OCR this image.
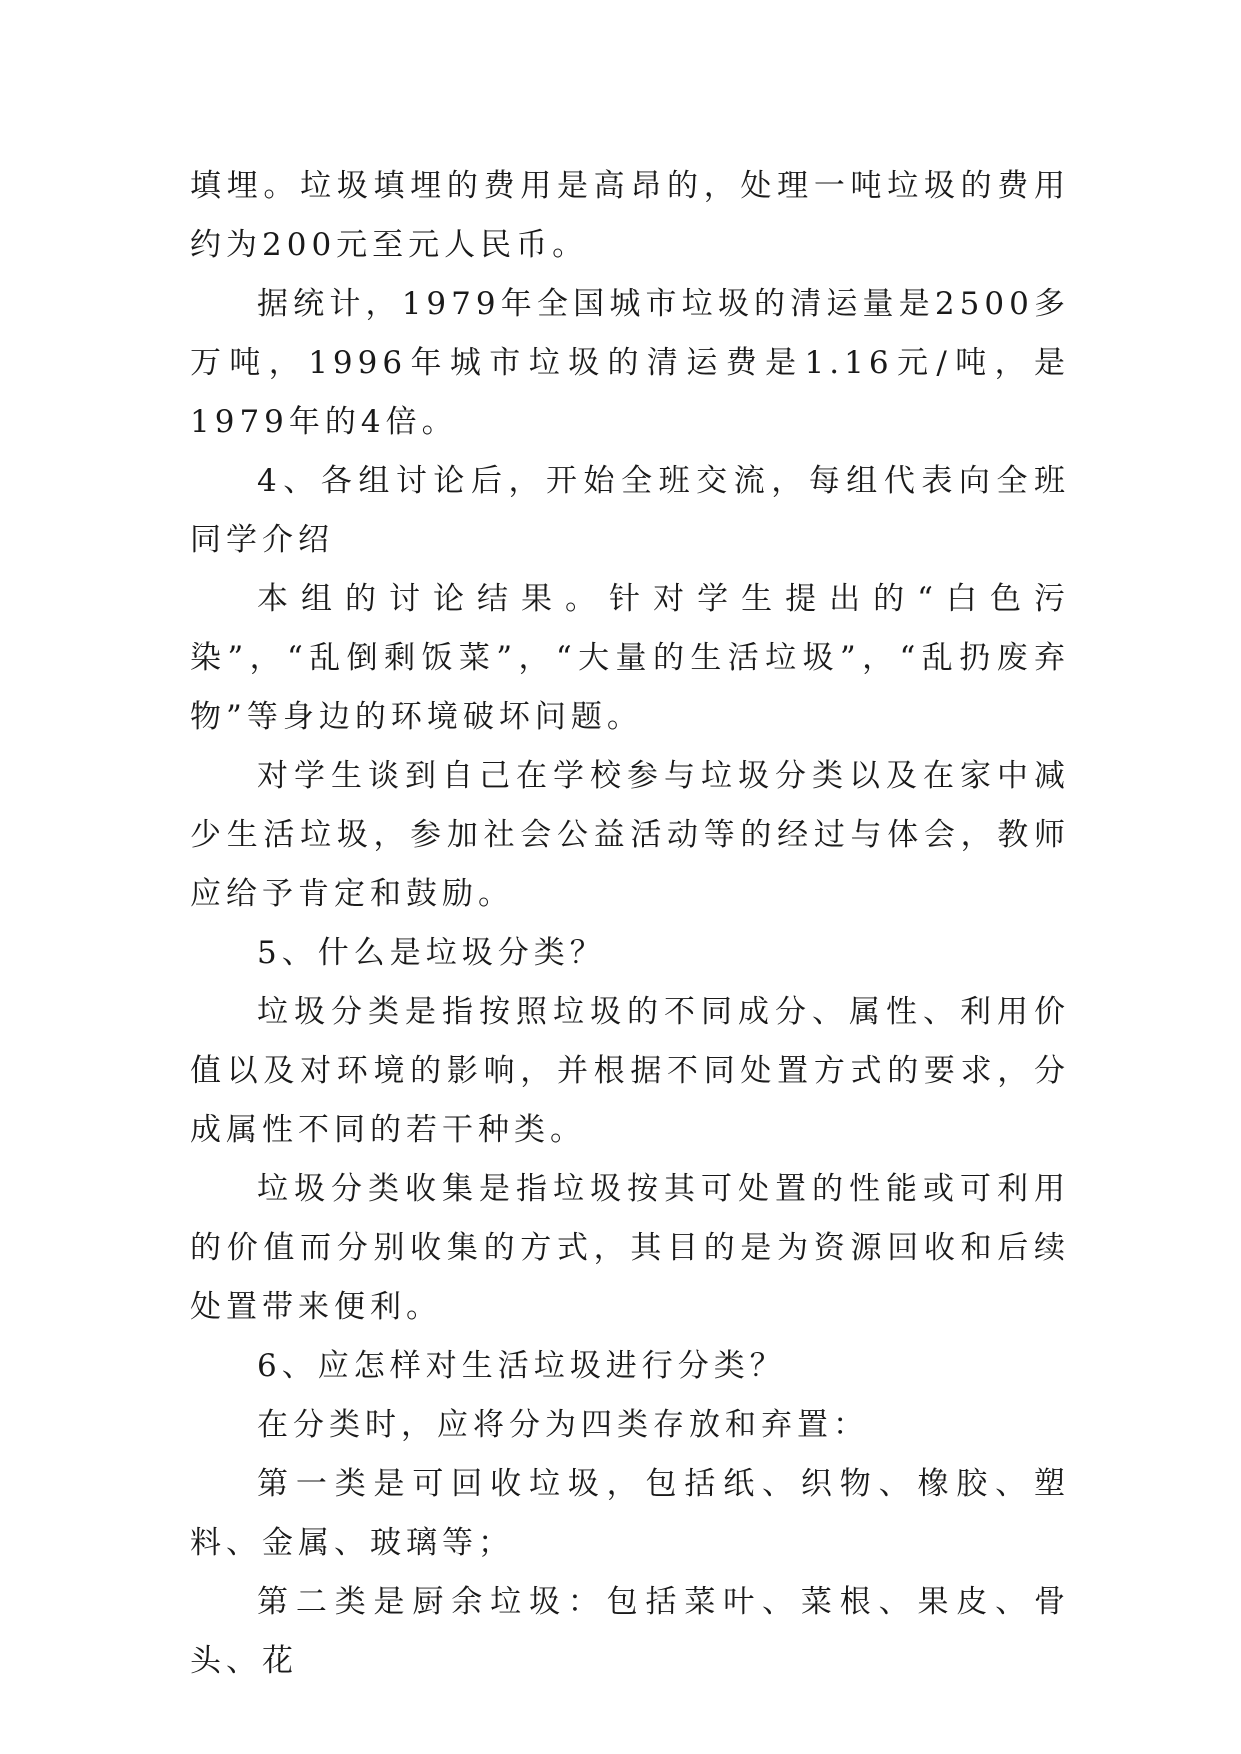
填埋。垃圾填埋的费用是高昂的，处理一吨垃圾的费用约为200元至元人民币。

据统计，1979年全国城市垃圾的清运量是2500多万吨，1996年城市垃圾的清运费是1.16元/吨，是1979年的4倍。

4、各组讨论后，开始全班交流，每组代表向全班同学介绍

本组的讨论结果。针对学生提出的“白色污染”，“乱倒剩饭菜”，“大量的生活垃圾”，“乱扔废弃物”等身边的环境破坏问题。

对学生谈到自己在学校参与垃圾分类以及在家中减少生活垃圾，参加社会公益活动等的经过与体会，教师应给予肯定和鼓励。

5、什么是垃圾分类？

垃圾分类是指按照垃圾的不同成分、属性、利用价值以及对环境的影响，并根据不同处置方式的要求，分成属性不同的若干种类。

垃圾分类收集是指垃圾按其可处置的性能或可利用的价值而分别收集的方式，其目的是为资源回收和后续处置带来便利。

6、应怎样对生活垃圾进行分类？

在分类时，应将分为四类存放和弃置：

第一类是可回收垃圾，包括纸、织物、橡胶、塑料、金属、玻璃等；

第二类是厨余垃圾：包括菜叶、菜根、果皮、骨头、花
